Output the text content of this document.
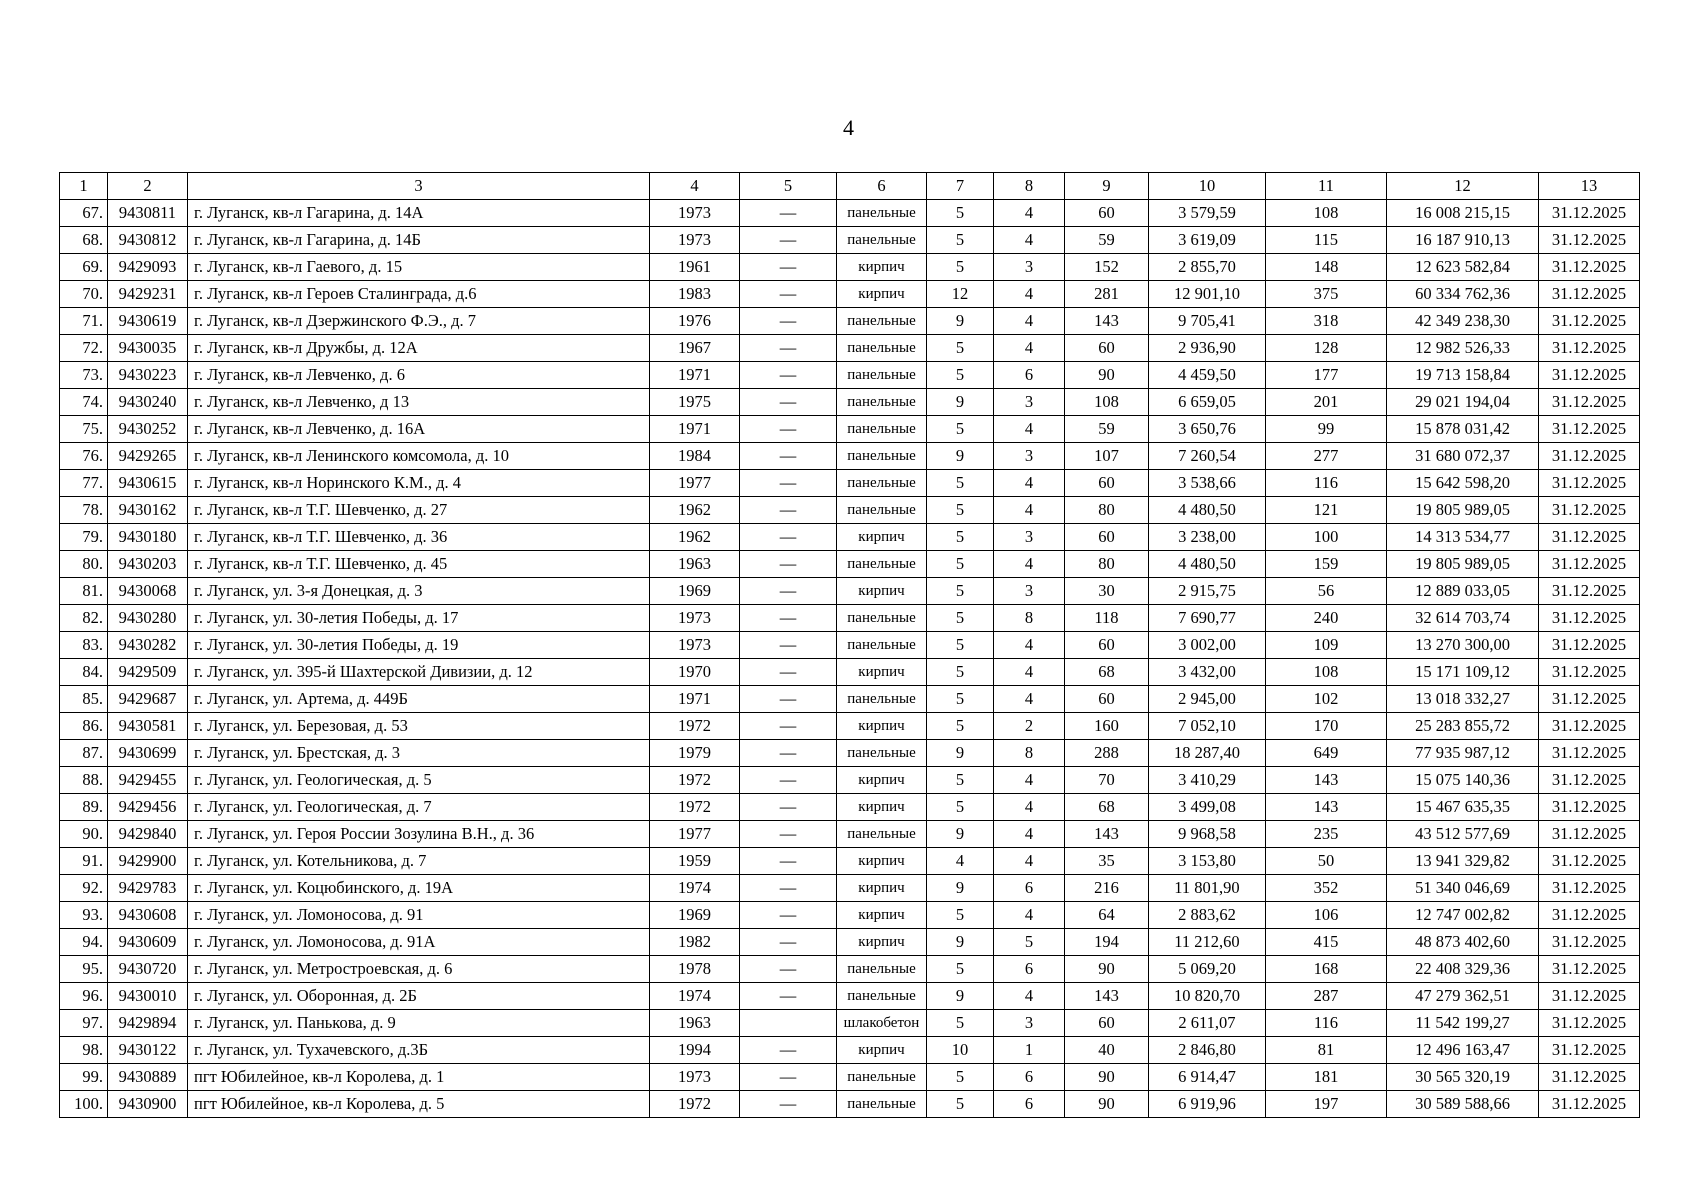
4
1	2	3	4	5	6	7	8	9	10	11	12	13
67.	9430811	г. Луганск, кв-л Гагарина, д. 14А	1973	—	панельные	5	4	60	3 579,59	108	16 008 215,15	31.12.2025
68.	9430812	г. Луганск, кв-л Гагарина, д. 14Б	1973	—	панельные	5	4	59	3 619,09	115	16 187 910,13	31.12.2025
69.	9429093	г. Луганск, кв-л Гаевого, д. 15	1961	—	кирпич	5	3	152	2 855,70	148	12 623 582,84	31.12.2025
70.	9429231	г. Луганск, кв-л Героев Сталинграда, д.6	1983	—	кирпич	12	4	281	12 901,10	375	60 334 762,36	31.12.2025
71.	9430619	г. Луганск, кв-л Дзержинского Ф.Э., д. 7	1976	—	панельные	9	4	143	9 705,41	318	42 349 238,30	31.12.2025
72.	9430035	г. Луганск, кв-л Дружбы, д. 12А	1967	—	панельные	5	4	60	2 936,90	128	12 982 526,33	31.12.2025
73.	9430223	г. Луганск, кв-л Левченко, д. 6	1971	—	панельные	5	6	90	4 459,50	177	19 713 158,84	31.12.2025
74.	9430240	г. Луганск, кв-л Левченко, д 13	1975	—	панельные	9	3	108	6 659,05	201	29 021 194,04	31.12.2025
75.	9430252	г. Луганск, кв-л Левченко, д. 16А	1971	—	панельные	5	4	59	3 650,76	99	15 878 031,42	31.12.2025
76.	9429265	г. Луганск, кв-л Ленинского комсомола, д. 10	1984	—	панельные	9	3	107	7 260,54	277	31 680 072,37	31.12.2025
77.	9430615	г. Луганск, кв-л Норинского К.М., д. 4	1977	—	панельные	5	4	60	3 538,66	116	15 642 598,20	31.12.2025
78.	9430162	г. Луганск, кв-л Т.Г. Шевченко, д. 27	1962	—	панельные	5	4	80	4 480,50	121	19 805 989,05	31.12.2025
79.	9430180	г. Луганск, кв-л Т.Г. Шевченко, д. 36	1962	—	кирпич	5	3	60	3 238,00	100	14 313 534,77	31.12.2025
80.	9430203	г. Луганск, кв-л Т.Г. Шевченко, д. 45	1963	—	панельные	5	4	80	4 480,50	159	19 805 989,05	31.12.2025
81.	9430068	г. Луганск, ул. 3-я Донецкая, д. 3	1969	—	кирпич	5	3	30	2 915,75	56	12 889 033,05	31.12.2025
82.	9430280	г. Луганск, ул. 30-летия Победы, д. 17	1973	—	панельные	5	8	118	7 690,77	240	32 614 703,74	31.12.2025
83.	9430282	г. Луганск, ул. 30-летия Победы, д. 19	1973	—	панельные	5	4	60	3 002,00	109	13 270 300,00	31.12.2025
84.	9429509	г. Луганск, ул. 395-й Шахтерской Дивизии, д. 12	1970	—	кирпич	5	4	68	3 432,00	108	15 171 109,12	31.12.2025
85.	9429687	г. Луганск, ул. Артема, д. 449Б	1971	—	панельные	5	4	60	2 945,00	102	13 018 332,27	31.12.2025
86.	9430581	г. Луганск, ул. Березовая, д. 53	1972	—	кирпич	5	2	160	7 052,10	170	25 283 855,72	31.12.2025
87.	9430699	г. Луганск, ул. Брестская, д. 3	1979	—	панельные	9	8	288	18 287,40	649	77 935 987,12	31.12.2025
88.	9429455	г. Луганск, ул. Геологическая, д. 5	1972	—	кирпич	5	4	70	3 410,29	143	15 075 140,36	31.12.2025
89.	9429456	г. Луганск, ул. Геологическая, д. 7	1972	—	кирпич	5	4	68	3 499,08	143	15 467 635,35	31.12.2025
90.	9429840	г. Луганск, ул. Героя России Зозулина В.Н., д. 36	1977	—	панельные	9	4	143	9 968,58	235	43 512 577,69	31.12.2025
91.	9429900	г. Луганск, ул. Котельникова, д. 7	1959	—	кирпич	4	4	35	3 153,80	50	13 941 329,82	31.12.2025
92.	9429783	г. Луганск, ул. Коцюбинского, д. 19А	1974	—	кирпич	9	6	216	11 801,90	352	51 340 046,69	31.12.2025
93.	9430608	г. Луганск, ул. Ломоносова, д. 91	1969	—	кирпич	5	4	64	2 883,62	106	12 747 002,82	31.12.2025
94.	9430609	г. Луганск, ул. Ломоносова, д. 91А	1982	—	кирпич	9	5	194	11 212,60	415	48 873 402,60	31.12.2025
95.	9430720	г. Луганск, ул. Метростроевская, д. 6	1978	—	панельные	5	6	90	5 069,20	168	22 408 329,36	31.12.2025
96.	9430010	г. Луганск, ул. Оборонная, д. 2Б	1974	—	панельные	9	4	143	10 820,70	287	47 279 362,51	31.12.2025
97.	9429894	г. Луганск, ул. Панькова, д. 9	1963		шлакобетон	5	3	60	2 611,07	116	11 542 199,27	31.12.2025
98.	9430122	г. Луганск, ул. Тухачевского, д.3Б	1994	—	кирпич	10	1	40	2 846,80	81	12 496 163,47	31.12.2025
99.	9430889	пгт Юбилейное, кв-л Королева, д. 1	1973	—	панельные	5	6	90	6 914,47	181	30 565 320,19	31.12.2025
100.	9430900	пгт Юбилейное, кв-л Королева, д. 5	1972	—	панельные	5	6	90	6 919,96	197	30 589 588,66	31.12.2025
